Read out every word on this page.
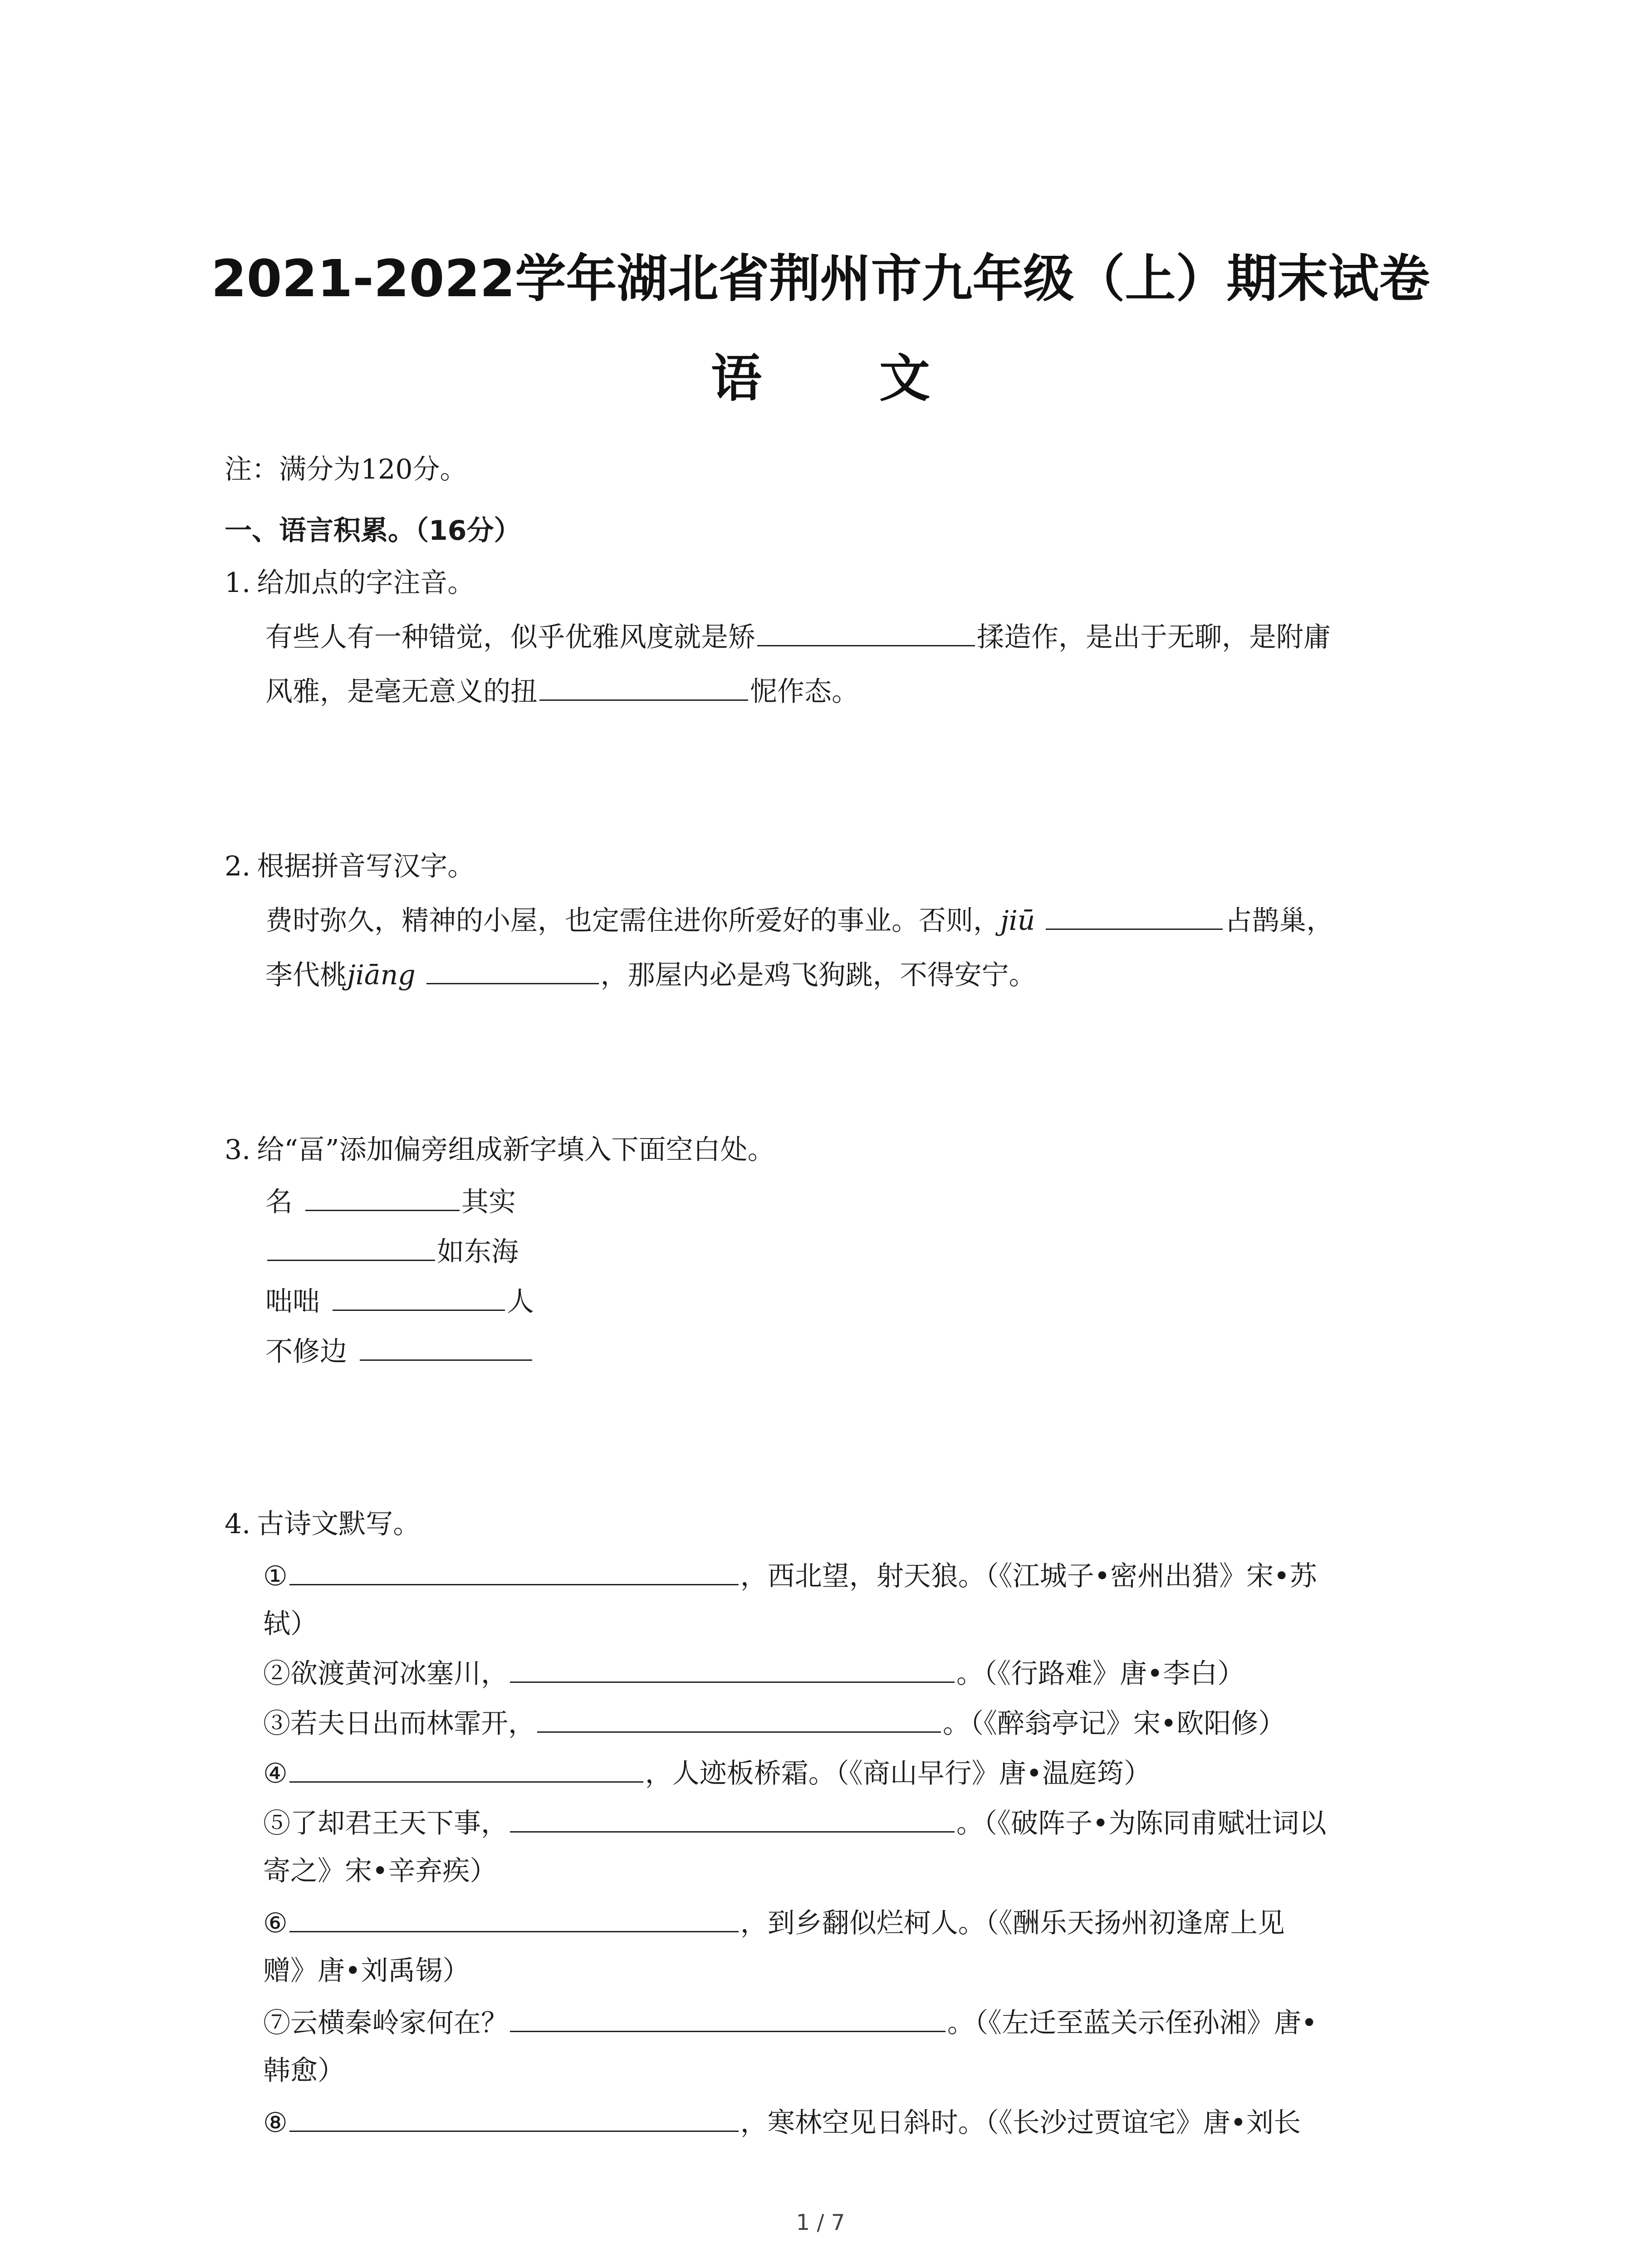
2021-2022学年湖北省荆州市九年级（上）期末试卷
语 文
注：满分为120分。
一、语言积累。（16分）
1. 给加点的字注音。
有些人有一种错觉，似乎优雅风度就是矫	揉造作，是出于无聊，是附庸
风雅，是毫无意义的扭	怩作态。
2. 根据拼音写汉字。
费时弥久，精神的小屋，也定需住进你所爱好的事业。否则，jiū	占鹊巢，
李代桃jiāng	，那屋内必是鸡飞狗跳，不得安宁。
3. 给“畐”添加偏旁组成新字填入下面空白处。
名	其实
如东海
咄咄	人
不修边
4. 古诗文默写。
①	，西北望，射天狼。（《江城子•密州出猎》宋•苏
轼）
②欲渡黄河冰塞川，	。（《行路难》唐•李白）
③若夫日出而林霏开，	。（《醉翁亭记》宋•欧阳修）
④	，人迹板桥霜。（《商山早行》唐•温庭筠）
⑤了却君王天下事，	。（《破阵子•为陈同甫赋壮词以
寄之》宋•辛弃疾）
⑥	，到乡翻似烂柯人。（《酬乐天扬州初逢席上见
赠》唐•刘禹锡）
⑦云横秦岭家何在？	。（《左迁至蓝关示侄孙湘》唐•
韩愈）
⑧	，寒林空见日斜时。（《长沙过贾谊宅》唐•刘长
1 / 7
